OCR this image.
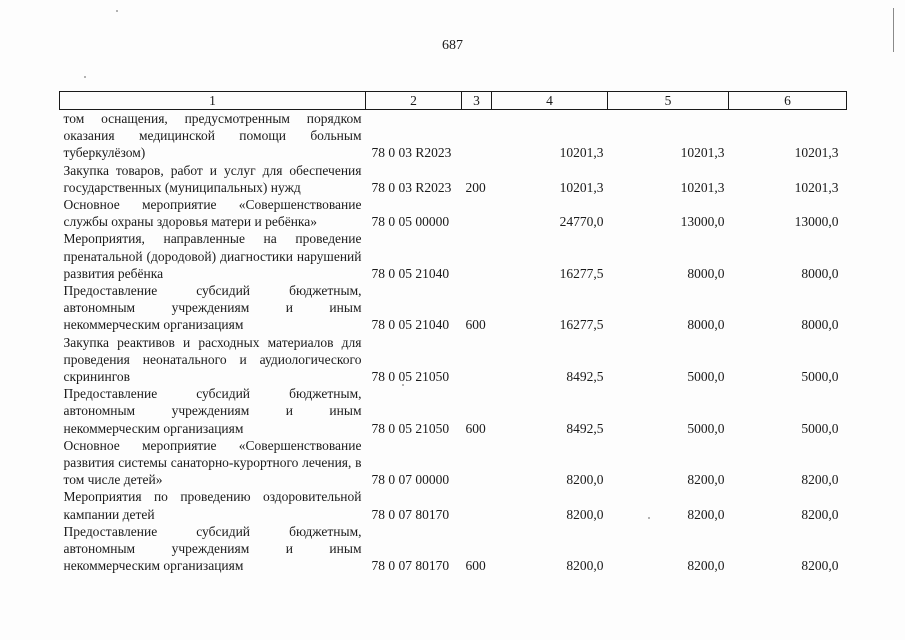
687
1	2	3	4	5	6
том оснащения, предусмотренным порядком оказания медицинской помощи больным туберкулёзом)	78 0 03 R2023		10201,3	10201,3	10201,3
Закупка товаров, работ и услуг для обеспечения государственных (муниципальных) нужд	78 0 03 R2023	200	10201,3	10201,3	10201,3
Основное мероприятие «Совершенствование службы охраны здоровья матери и ребёнка»	78 0 05 00000		24770,0	13000,0	13000,0
Мероприятия, направленные на проведение пренатальной (дородовой) диагностики нарушений развития ребёнка	78 0 05 21040		16277,5	8000,0	8000,0
Предоставление субсидий бюджетным, автономным учреждениям и иным некоммерческим организациям	78 0 05 21040	600	16277,5	8000,0	8000,0
Закупка реактивов и расходных материалов для проведения неонатального и аудиологического скринингов	78 0 05 21050		8492,5	5000,0	5000,0
Предоставление субсидий бюджетным, автономным учреждениям и иным некоммерческим организациям	78 0 05 21050	600	8492,5	5000,0	5000,0
Основное мероприятие «Совершенствование развития системы санаторно-курортного лечения, в том числе детей»	78 0 07 00000		8200,0	8200,0	8200,0
Мероприятия по проведению оздоровительной кампании детей	78 0 07 80170		8200,0	8200,0	8200,0
Предоставление субсидий бюджетным, автономным учреждениям и иным некоммерческим организациям	78 0 07 80170	600	8200,0	8200,0	8200,0
